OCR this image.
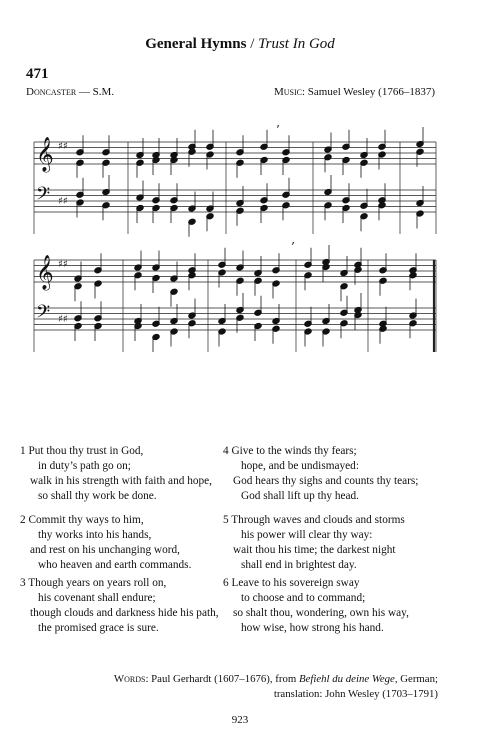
General Hymns / Trust In God
471
Doncaster — S.M.	Music: Samuel Wesley (1766–1837)
𝄞 ♯♯
𝄢 ♯♯
𝄞 ♯♯
𝄢 ♯♯
’
’
1 Put thou thy trust in God,
in duty’s path go on;
walk in his strength with faith and hope,
so shall thy work be done.
2 Commit thy ways to him,
thy works into his hands,
and rest on his unchanging word,
who heaven and earth commands.
3 Though years on years roll on,
his covenant shall endure;
though clouds and darkness hide his path,
the promised grace is sure.
4 Give to the winds thy fears;
hope, and be undismayed:
God hears thy sighs and counts thy tears;
God shall lift up thy head.
5 Through waves and clouds and storms
his power will clear thy way:
wait thou his time; the darkest night
shall end in brightest day.
6 Leave to his sovereign sway
to choose and to command;
so shalt thou, wondering, own his way,
how wise, how strong his hand.
Words: Paul Gerhardt (1607–1676), from Befiehl du deine Wege, German;
translation: John Wesley (1703–1791)
923
